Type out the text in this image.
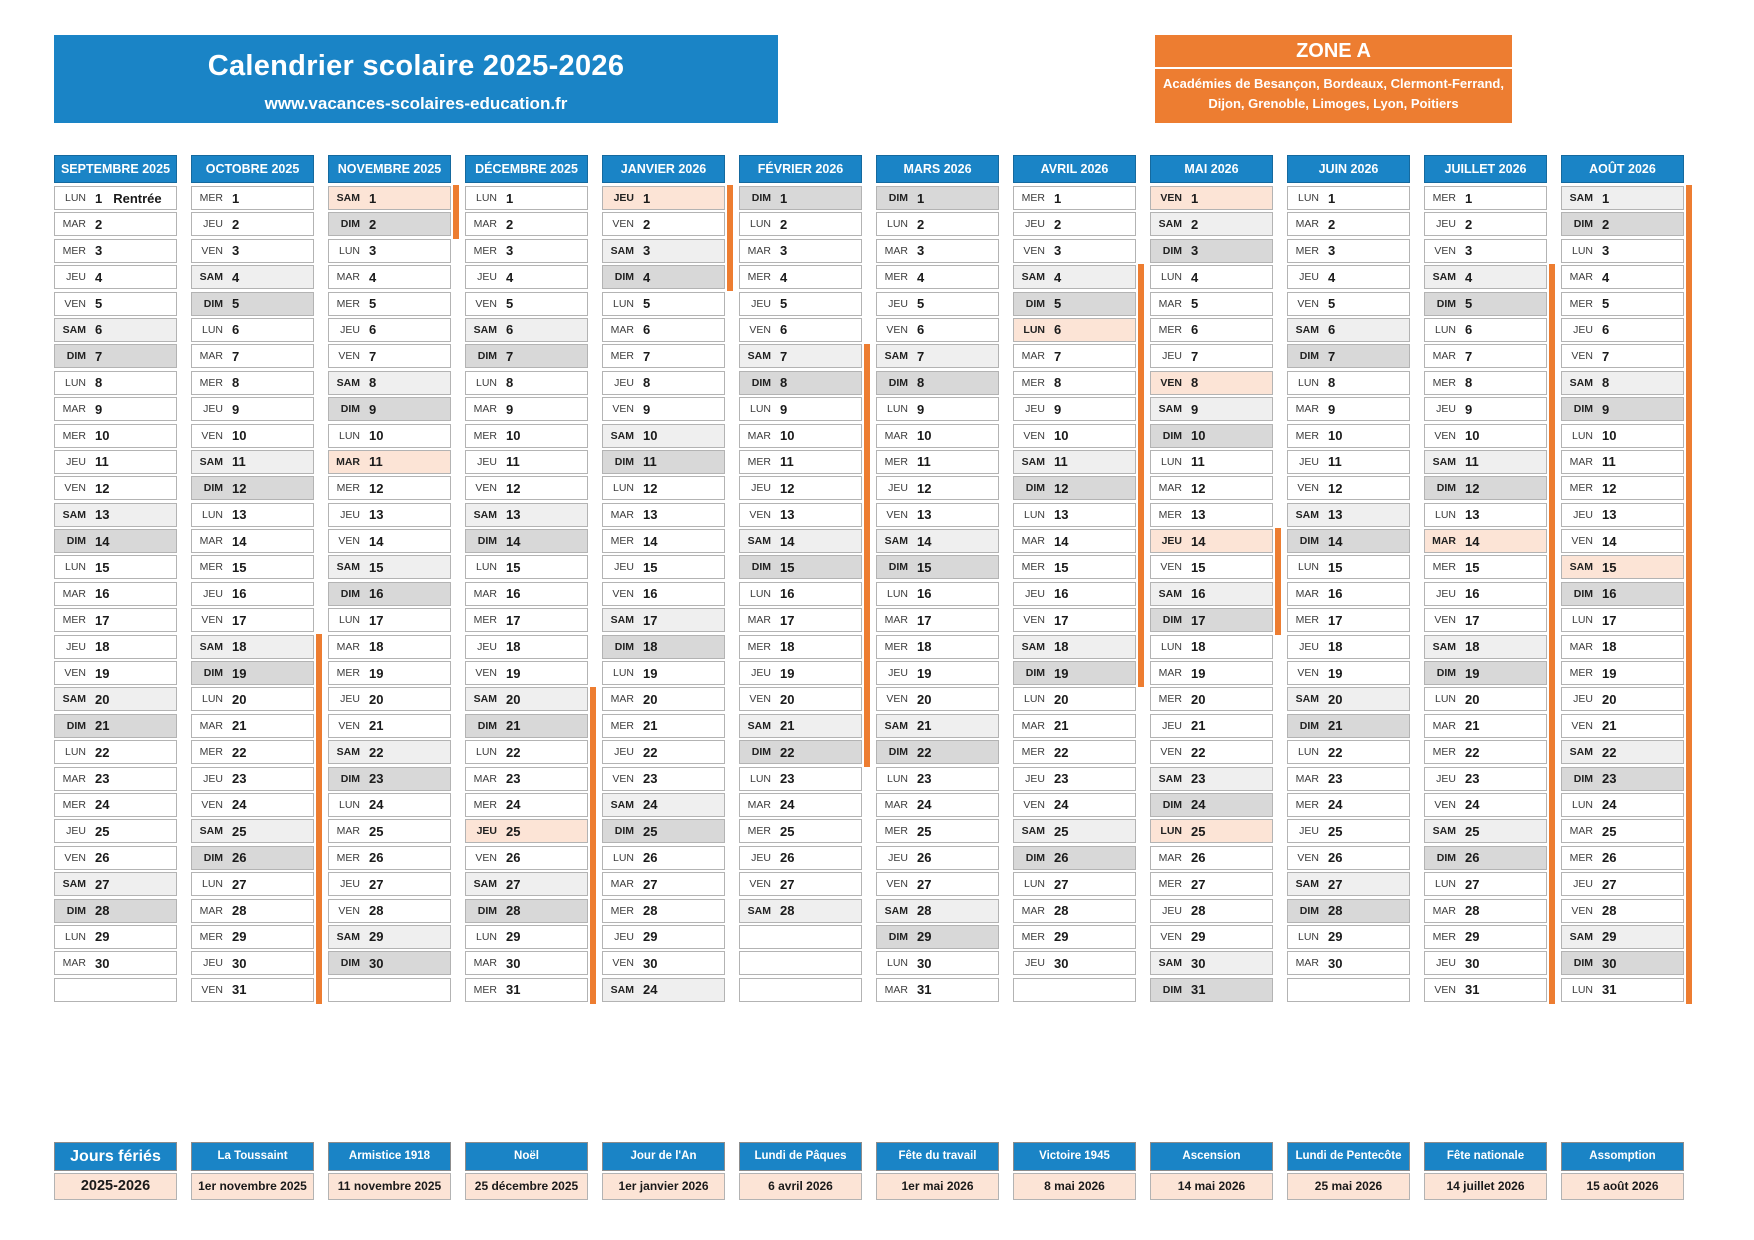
Calendrier scolaire 2025-2026
www.vacances-scolaires-education.fr
ZONE A
Académies de Besançon, Bordeaux, Clermont-Ferrand, Dijon, Grenoble, Limoges, Lyon, Poitiers
SEPTEMBRE 2025
LUN 1 Rentrée
MAR 2
MER 3
JEU 4
VEN 5
SAM 6
DIM 7
LUN 8
MAR 9
MER 10
JEU 11
VEN 12
SAM 13
DIM 14
LUN 15
MAR 16
MER 17
JEU 18
VEN 19
SAM 20
DIM 21
LUN 22
MAR 23
MER 24
JEU 25
VEN 26
SAM 27
DIM 28
LUN 29
MAR 30
OCTOBRE 2025
MER 1
JEU 2
VEN 3
SAM 4
DIM 5
LUN 6
MAR 7
MER 8
JEU 9
VEN 10
SAM 11
DIM 12
LUN 13
MAR 14
MER 15
JEU 16
VEN 17
SAM 18
DIM 19
LUN 20
MAR 21
MER 22
JEU 23
VEN 24
SAM 25
DIM 26
LUN 27
MAR 28
MER 29
JEU 30
VEN 31
NOVEMBRE 2025
SAM 1
DIM 2
LUN 3
MAR 4
MER 5
JEU 6
VEN 7
SAM 8
DIM 9
LUN 10
MAR 11
MER 12
JEU 13
VEN 14
SAM 15
DIM 16
LUN 17
MAR 18
MER 19
JEU 20
VEN 21
SAM 22
DIM 23
LUN 24
MAR 25
MER 26
JEU 27
VEN 28
SAM 29
DIM 30
DÉCEMBRE 2025
LUN 1
MAR 2
MER 3
JEU 4
VEN 5
SAM 6
DIM 7
LUN 8
MAR 9
MER 10
JEU 11
VEN 12
SAM 13
DIM 14
LUN 15
MAR 16
MER 17
JEU 18
VEN 19
SAM 20
DIM 21
LUN 22
MAR 23
MER 24
JEU 25
VEN 26
SAM 27
DIM 28
LUN 29
MAR 30
MER 31
JANVIER 2026
JEU 1
VEN 2
SAM 3
DIM 4
LUN 5
MAR 6
MER 7
JEU 8
VEN 9
SAM 10
DIM 11
LUN 12
MAR 13
MER 14
JEU 15
VEN 16
SAM 17
DIM 18
LUN 19
MAR 20
MER 21
JEU 22
VEN 23
SAM 24
DIM 25
LUN 26
MAR 27
MER 28
JEU 29
VEN 30
SAM 24
FÉVRIER 2026
DIM 1
LUN 2
MAR 3
MER 4
JEU 5
VEN 6
SAM 7
DIM 8
LUN 9
MAR 10
MER 11
JEU 12
VEN 13
SAM 14
DIM 15
LUN 16
MAR 17
MER 18
JEU 19
VEN 20
SAM 21
DIM 22
LUN 23
MAR 24
MER 25
JEU 26
VEN 27
SAM 28
MARS 2026
DIM 1
LUN 2
MAR 3
MER 4
JEU 5
VEN 6
SAM 7
DIM 8
LUN 9
MAR 10
MER 11
JEU 12
VEN 13
SAM 14
DIM 15
LUN 16
MAR 17
MER 18
JEU 19
VEN 20
SAM 21
DIM 22
LUN 23
MAR 24
MER 25
JEU 26
VEN 27
SAM 28
DIM 29
LUN 30
MAR 31
AVRIL 2026
MER 1
JEU 2
VEN 3
SAM 4
DIM 5
LUN 6
MAR 7
MER 8
JEU 9
VEN 10
SAM 11
DIM 12
LUN 13
MAR 14
MER 15
JEU 16
VEN 17
SAM 18
DIM 19
LUN 20
MAR 21
MER 22
JEU 23
VEN 24
SAM 25
DIM 26
LUN 27
MAR 28
MER 29
JEU 30
MAI 2026
VEN 1
SAM 2
DIM 3
LUN 4
MAR 5
MER 6
JEU 7
VEN 8
SAM 9
DIM 10
LUN 11
MAR 12
MER 13
JEU 14
VEN 15
SAM 16
DIM 17
LUN 18
MAR 19
MER 20
JEU 21
VEN 22
SAM 23
DIM 24
LUN 25
MAR 26
MER 27
JEU 28
VEN 29
SAM 30
DIM 31
JUIN 2026
LUN 1
MAR 2
MER 3
JEU 4
VEN 5
SAM 6
DIM 7
LUN 8
MAR 9
MER 10
JEU 11
VEN 12
SAM 13
DIM 14
LUN 15
MAR 16
MER 17
JEU 18
VEN 19
SAM 20
DIM 21
LUN 22
MAR 23
MER 24
JEU 25
VEN 26
SAM 27
DIM 28
LUN 29
MAR 30
JUILLET 2026
MER 1
JEU 2
VEN 3
SAM 4
DIM 5
LUN 6
MAR 7
MER 8
JEU 9
VEN 10
SAM 11
DIM 12
LUN 13
MAR 14
MER 15
JEU 16
VEN 17
SAM 18
DIM 19
LUN 20
MAR 21
MER 22
JEU 23
VEN 24
SAM 25
DIM 26
LUN 27
MAR 28
MER 29
JEU 30
VEN 31
AOÛT 2026
SAM 1
DIM 2
LUN 3
MAR 4
MER 5
JEU 6
VEN 7
SAM 8
DIM 9
LUN 10
MAR 11
MER 12
JEU 13
VEN 14
SAM 15
DIM 16
LUN 17
MAR 18
MER 19
JEU 20
VEN 21
SAM 22
DIM 23
LUN 24
MAR 25
MER 26
JEU 27
VEN 28
SAM 29
DIM 30
LUN 31
Jours fériés
2025-2026
La Toussaint
1er novembre 2025
Armistice 1918
11 novembre 2025
Noël
25 décembre 2025
Jour de l'An
1er janvier 2026
Lundi de Pâques
6 avril 2026
Fête du travail
1er mai 2026
Victoire 1945
8 mai 2026
Ascension
14 mai 2026
Lundi de Pentecôte
25 mai 2026
Fête nationale
14 juillet 2026
Assomption
15 août 2026
